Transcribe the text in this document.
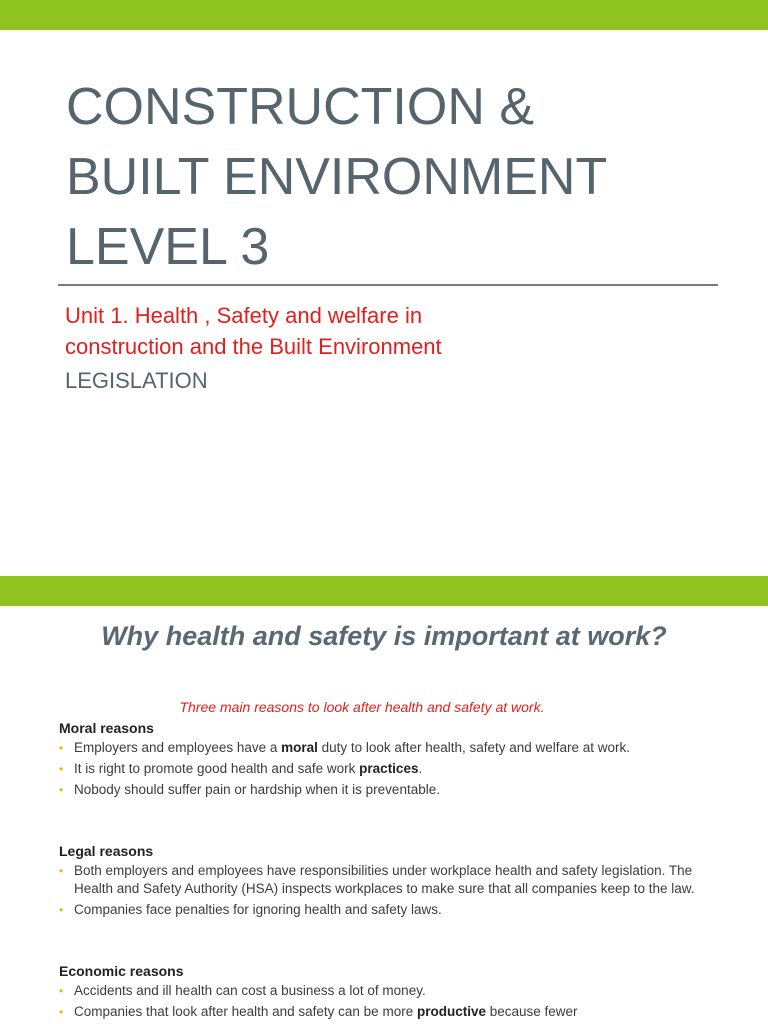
CONSTRUCTION &
BUILT ENVIRONMENT
LEVEL 3
Unit 1. Health , Safety and welfare in
construction and the Built Environment
LEGISLATION
Why health and safety is important at work?
Three main reasons to look after health and safety at work.
Moral reasons
• Employers and employees have a moral duty to look after health, safety and welfare at work.
• It is right to promote good health and safe work practices.
• Nobody should suffer pain or hardship when it is preventable.
Legal reasons
• Both employers and employees have responsibilities under workplace health and safety legislation. The Health and Safety Authority (HSA) inspects workplaces to make sure that all companies keep to the law.
• Companies face penalties for ignoring health and safety laws.
Economic reasons
• Accidents and ill health can cost a business a lot of money.
• Companies that look after health and safety can be more productive because fewer
